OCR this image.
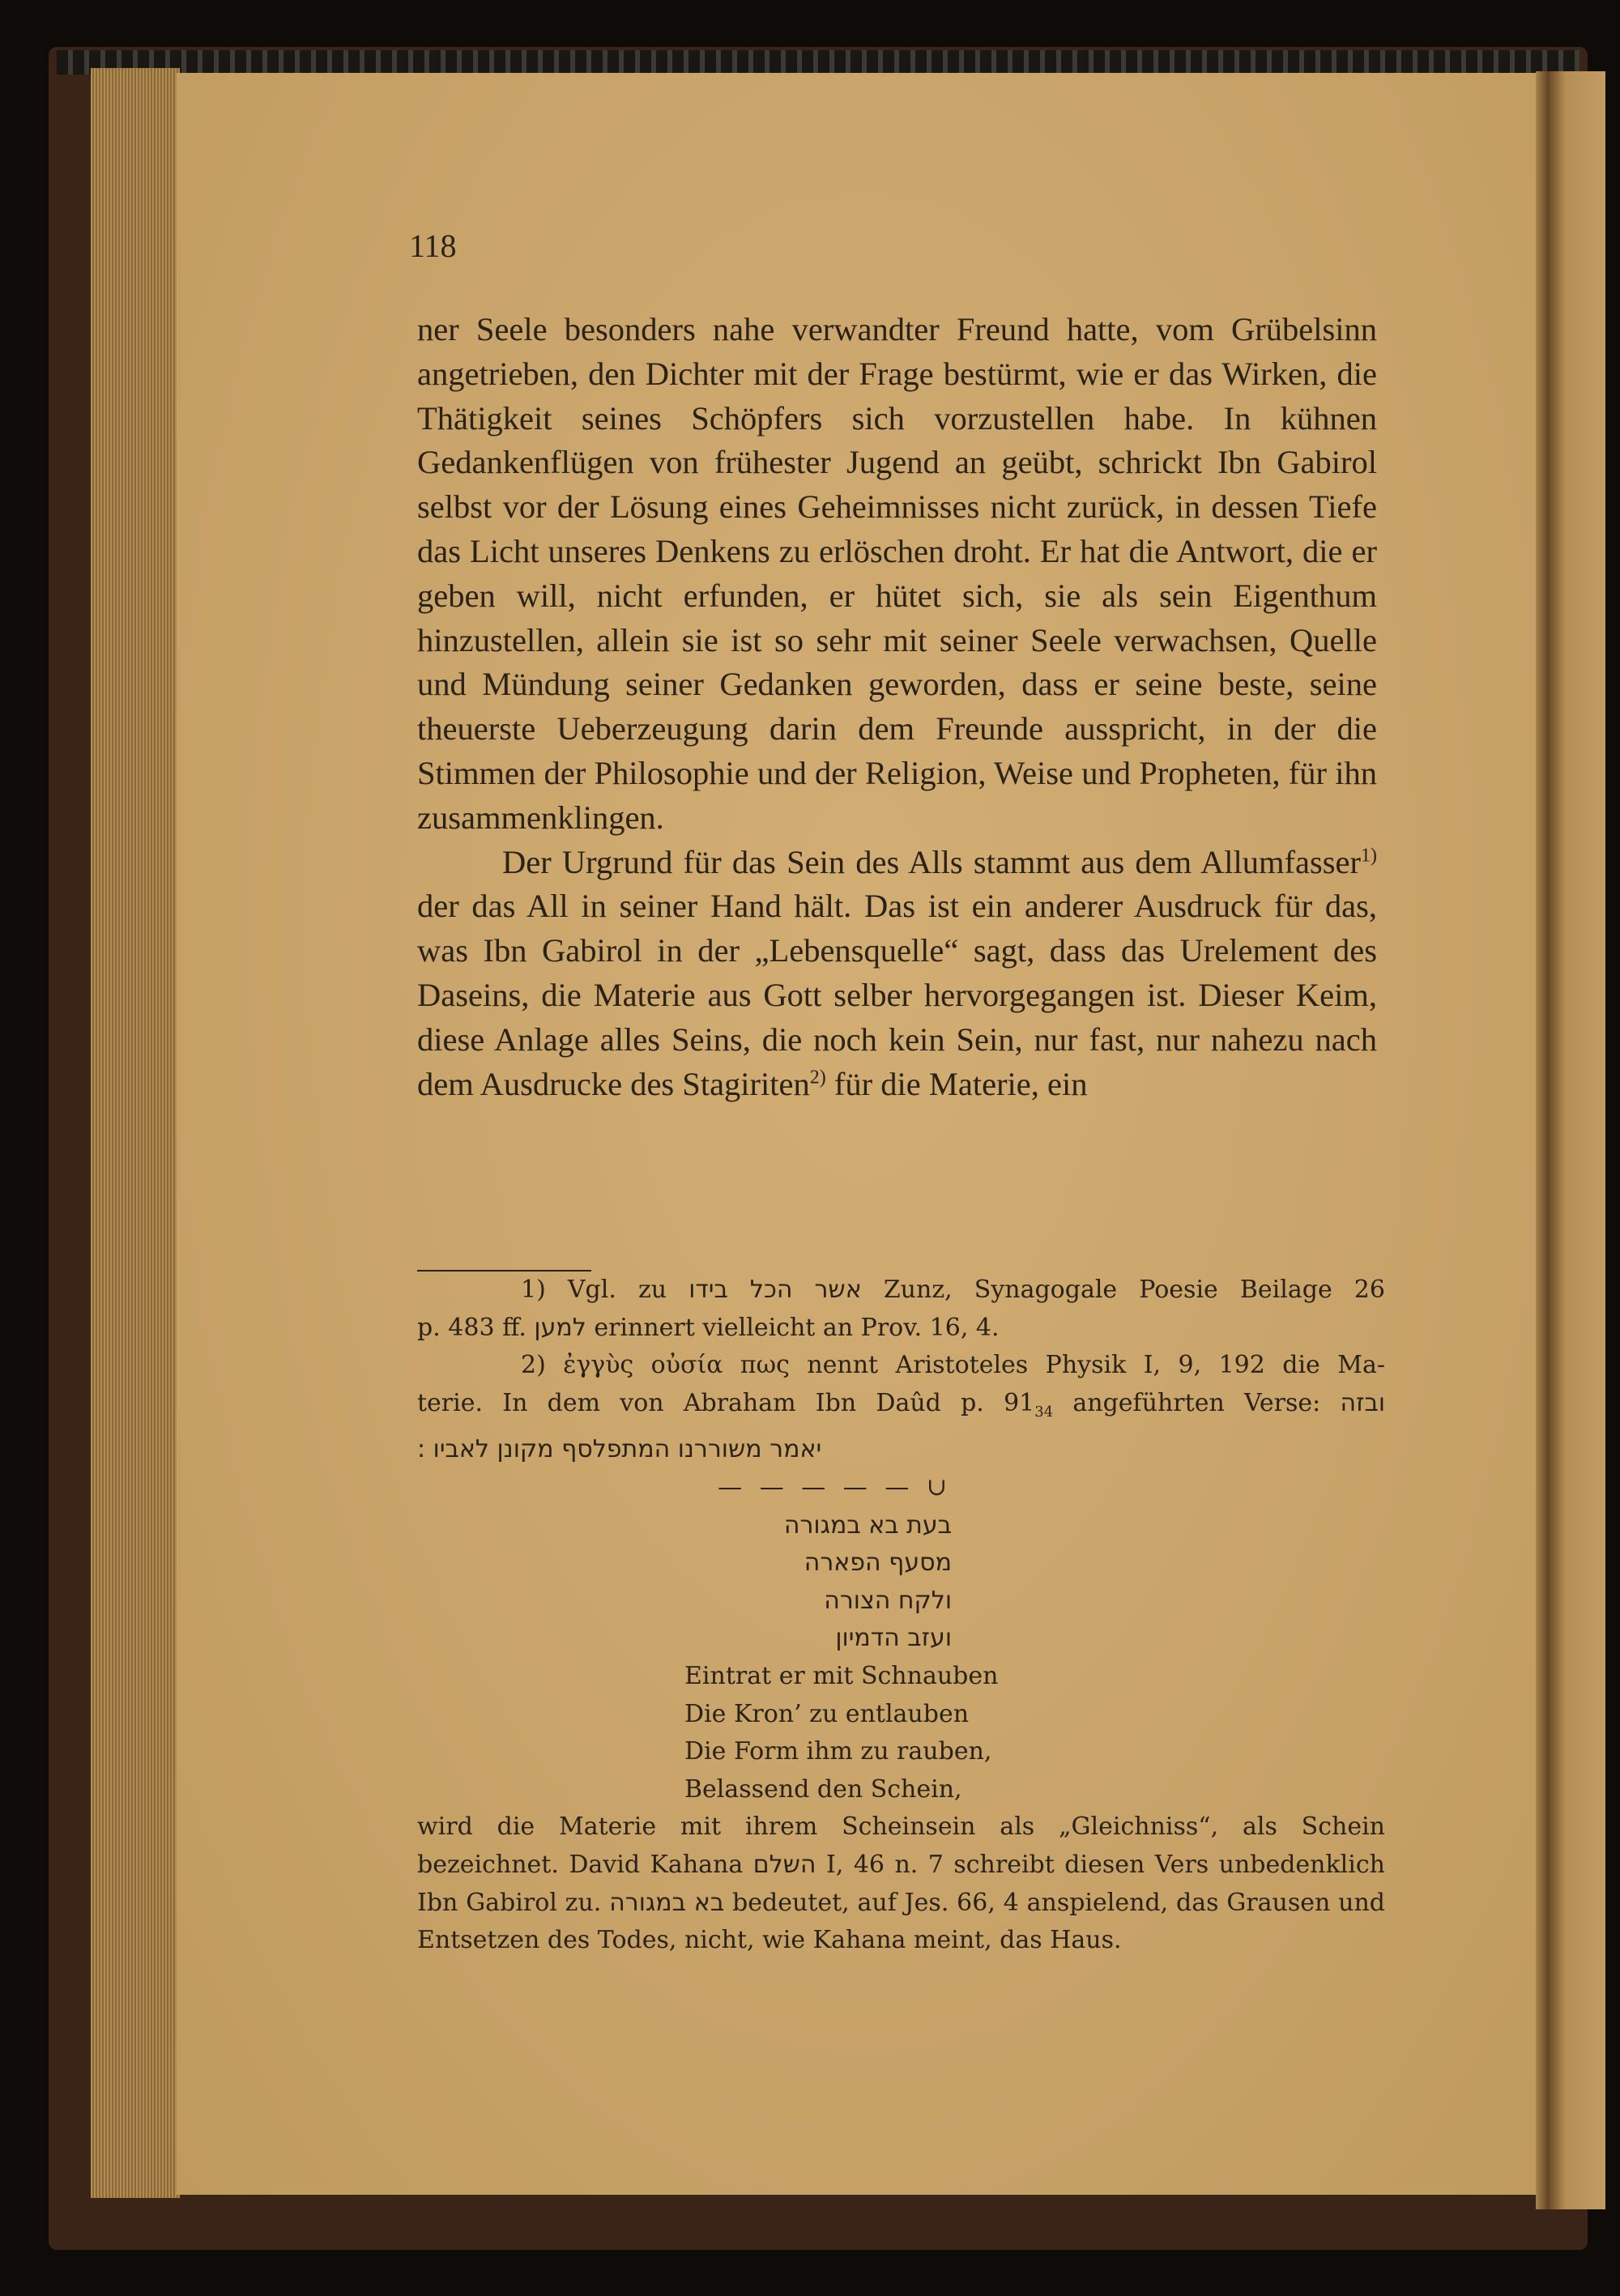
118

ner Seele besonders nahe verwandter Freund hatte, vom Grübelsinn angetrieben, den Dichter mit der Frage bestürmt, wie er das Wirken, die Thätigkeit seines Schöpfers sich vorzustellen habe. In kühnen Gedankenflügen von frühester Jugend an geübt, schrickt Ibn Gabirol selbst vor der Lösung eines Geheimnisses nicht zurück, in dessen Tiefe das Licht unseres Denkens zu erlöschen droht. Er hat die Antwort, die er geben will, nicht erfunden, er hütet sich, sie als sein Eigenthum hinzustellen, allein sie ist so sehr mit seiner Seele verwachsen, Quelle und Mündung seiner Gedanken geworden, dass er seine beste, seine theuerste Ueberzeugung darin dem Freunde ausspricht, in der die Stimmen der Philosophie und der Religion, Weise und Propheten, für ihn zusammenklingen.

Der Urgrund für das Sein des Alls stammt aus dem Allumfasser$^{1)}$ der das All in seiner Hand hält. Das ist ein anderer Ausdruck für das, was Ibn Gabirol in der „Lebensquelle“ sagt, dass das Urelement des Daseins, die Materie aus Gott selber hervorgegangen ist. Dieser Keim, diese Anlage alles Seins, die noch kein Sein, nur fast, nur nahezu nach dem Ausdrucke des Stagiriten$^{2)}$ für die Materie, ein

1) Vgl. zu אשר הכל בידו Zunz, Synagogale Poesie Beilage 26
p. 483 ff. למען erinnert vielleicht an Prov. 16, 4.
2) ἐγγὺς οὐσία πως nennt Aristoteles Physik I, 9, 192 die Ma-
terie. In dem von Abraham Ibn Daûd p. $91_{34}$ angeführten Verse: ובזה
יאמר משוררנו המתפלסף מקונן לאביו :
— — — — — ∪
בעת בא במגורה
מסעף הפארה
ולקח הצורה
ועזב הדמיון
Eintrat er mit Schnauben
Die Kron’ zu entlauben
Die Form ihm zu rauben,
Belassend den Schein,
wird die Materie mit ihrem Scheinsein als „Gleichniss“, als Schein bezeichnet. David Kahana השלם I, 46 n. 7 schreibt diesen Vers unbedenklich Ibn Gabirol zu. בא במגורה bedeutet, auf Jes. 66, 4 anspielend, das Grausen und Entsetzen des Todes, nicht, wie Kahana meint, das Haus.
